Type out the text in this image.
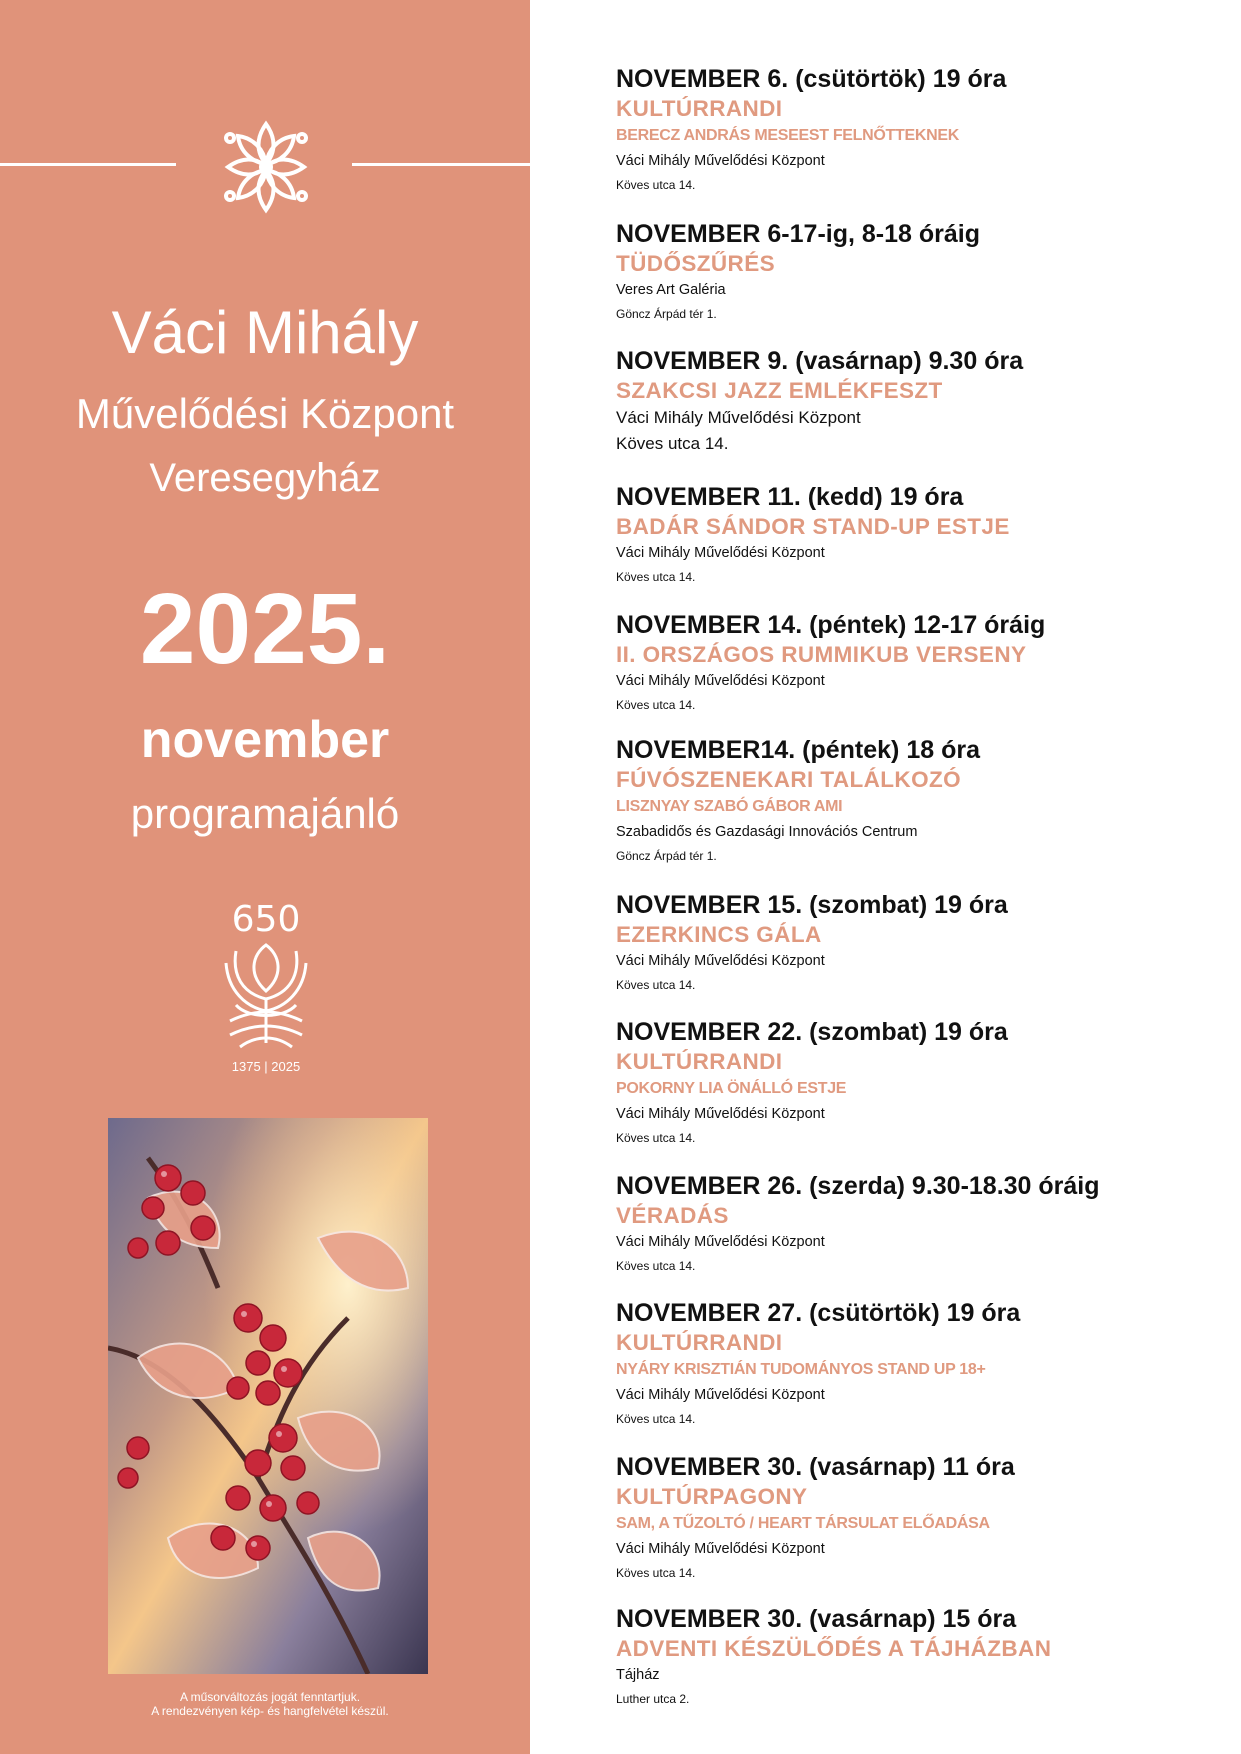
Váci Mihály
Művelődési Központ
Veresegyház
2025.
november
programajánló
650
1375 | 2025
A műsorváltozás jogát fenntartjuk.
A rendezvényen kép- és hangfelvétel készül.
NOVEMBER 6. (csütörtök) 19 óra
KULTÚRRANDI
BERECZ ANDRÁS MESEEST FELNŐTTEKNEK
Váci Mihály Művelődési Központ
Köves utca 14.
NOVEMBER 6-17-ig, 8-18 óráig
TÜDŐSZŰRÉS
Veres Art Galéria
Göncz Árpád tér 1.
NOVEMBER 9. (vasárnap) 9.30 óra
SZAKCSI JAZZ EMLÉKFESZT
Váci Mihály Művelődési Központ
Köves utca 14.
NOVEMBER 11. (kedd) 19 óra
BADÁR SÁNDOR STAND-UP ESTJE
Váci Mihály Művelődési Központ
Köves utca 14.
NOVEMBER 14. (péntek) 12-17 óráig
II. ORSZÁGOS RUMMIKUB VERSENY
Váci Mihály Művelődési Központ
Köves utca 14.
NOVEMBER14. (péntek) 18 óra
FÚVÓSZENEKARI TALÁLKOZÓ
LISZNYAY SZABÓ GÁBOR AMI
Szabadidős és Gazdasági Innovációs Centrum
Göncz Árpád tér 1.
NOVEMBER 15. (szombat) 19 óra
EZERKINCS GÁLA
Váci Mihály Művelődési Központ
Köves utca 14.
NOVEMBER 22. (szombat) 19 óra
KULTÚRRANDI
POKORNY LIA ÖNÁLLÓ ESTJE
Váci Mihály Művelődési Központ
Köves utca 14.
NOVEMBER 26. (szerda) 9.30-18.30 óráig
VÉRADÁS
Váci Mihály Művelődési Központ
Köves utca 14.
NOVEMBER 27. (csütörtök) 19 óra
KULTÚRRANDI
NYÁRY KRISZTIÁN TUDOMÁNYOS STAND UP 18+
Váci Mihály Művelődési Központ
Köves utca 14.
NOVEMBER 30. (vasárnap) 11 óra
KULTÚRPAGONY
SAM, A TŰZOLTÓ / HEART TÁRSULAT ELŐADÁSA
Váci Mihály Művelődési Központ
Köves utca 14.
NOVEMBER 30. (vasárnap) 15 óra
ADVENTI KÉSZÜLŐDÉS A TÁJHÁZBAN
Tájház
Luther utca 2.
